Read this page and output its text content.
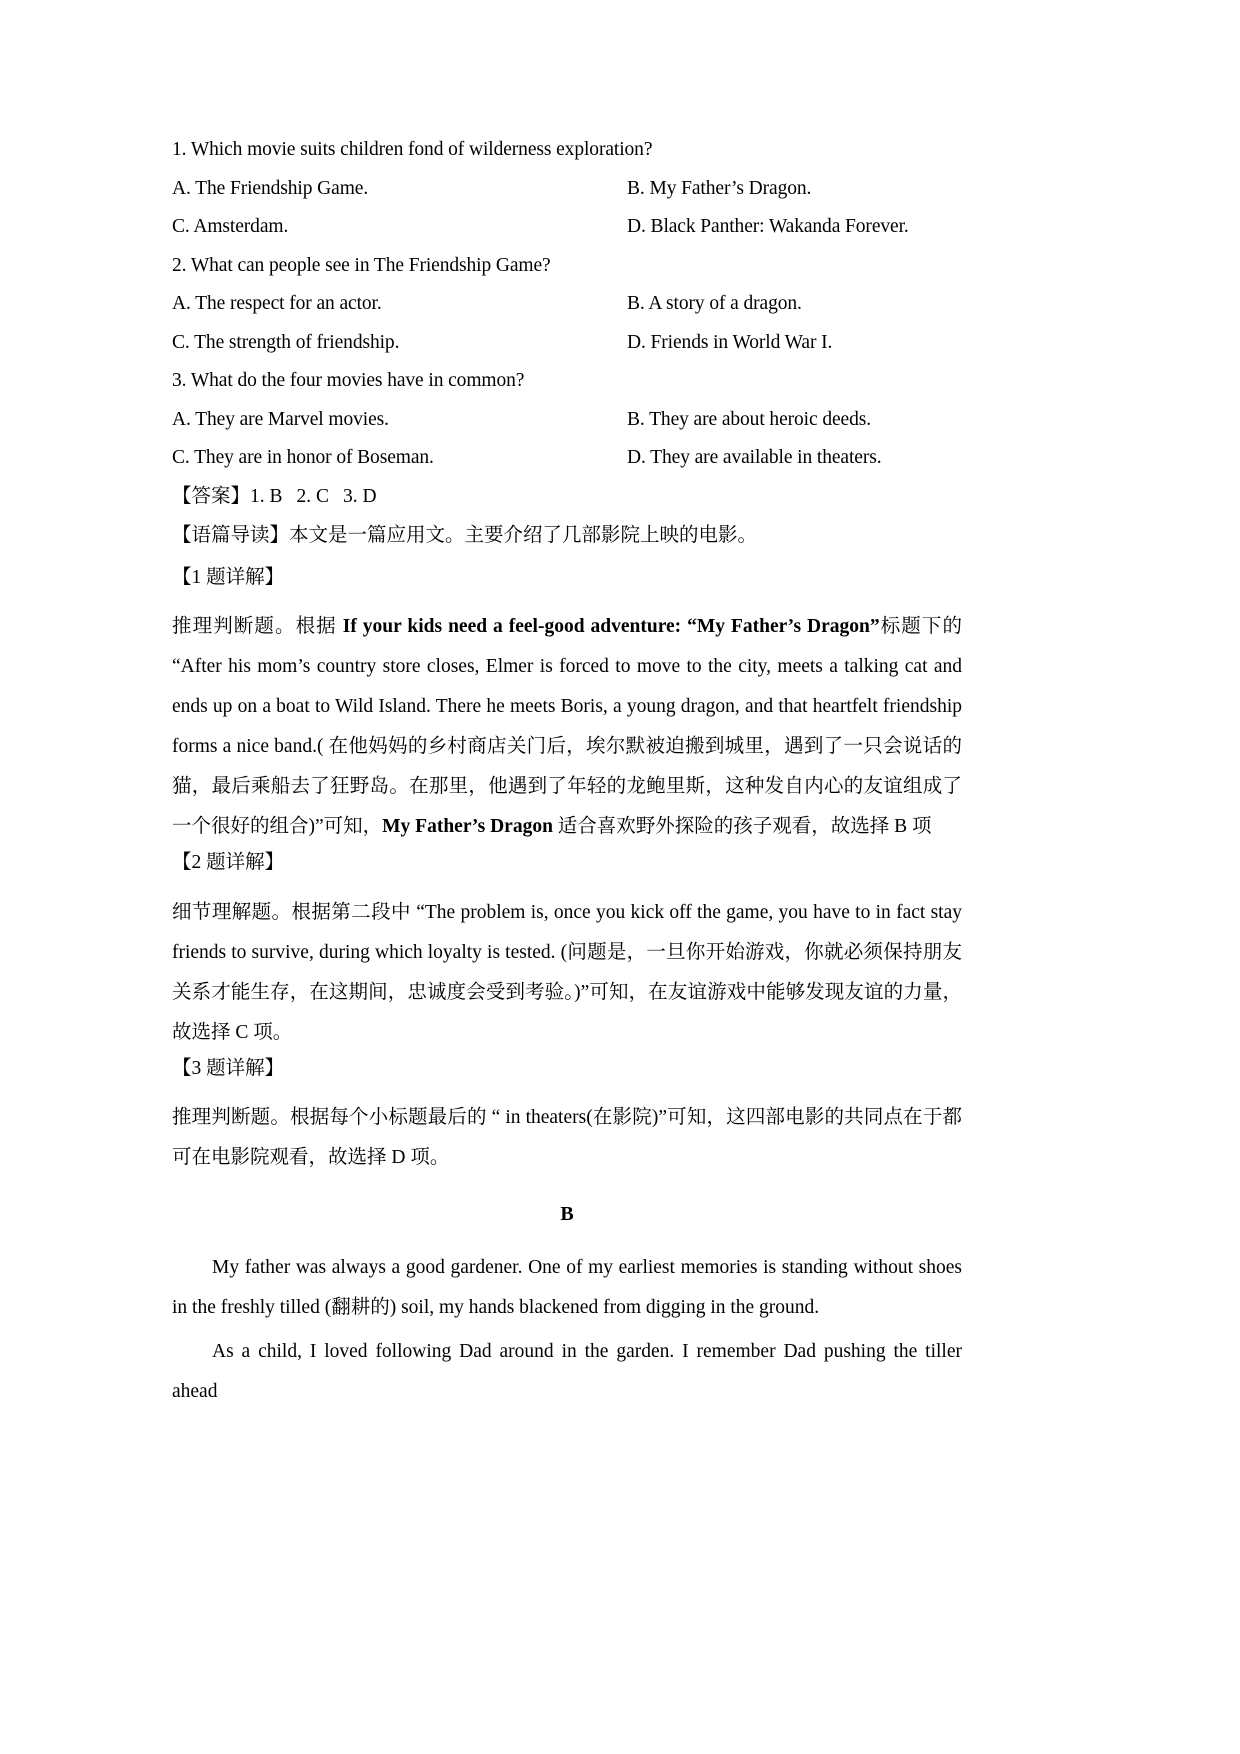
1. Which movie suits children fond of wilderness exploration?

A. The Friendship Game.	B. My Father’s Dragon.
C. Amsterdam.	D. Black Panther: Wakanda Forever.

2. What can people see in The Friendship Game?

A. The respect for an actor.	B. A story of a dragon.
C. The strength of friendship.	D. Friends in World War I.

3. What do the four movies have in common?

A. They are Marvel movies.	B. They are about heroic deeds.
C. They are in honor of Boseman.	D. They are available in theaters.

【答案】1. B 2. C 3. D

【语篇导读】本文是一篇应用文。主要介绍了几部影院上映的电影。

【1 题详解】

推理判断题。根据 If your kids need a feel-good adventure: “My Father’s Dragon”标题下的 “After his mom’s country store closes, Elmer is forced to move to the city, meets a talking cat and ends up on a boat to Wild Island. There he meets Boris, a young dragon, and that heartfelt friendship forms a nice band.( 在他妈妈的乡村商店关门后，埃尔默被迫搬到城里，遇到了一只会说话的猫，最后乘船去了狂野岛。在那里，他遇到了年轻的龙鲍里斯，这种发自内心的友谊组成了一个很好的组合)”可知，My Father’s Dragon 适合喜欢野外探险的孩子观看，故选择 B 项

【2 题详解】

细节理解题。根据第二段中 “The problem is, once you kick off the game, you have to in fact stay friends to survive, during which loyalty is tested. (问题是，一旦你开始游戏，你就必须保持朋友关系才能生存，在这期间，忠诚度会受到考验。)”可知，在友谊游戏中能够发现友谊的力量，故选择 C 项。

【3 题详解】

推理判断题。根据每个小标题最后的 “ in theaters(在影院)”可知，这四部电影的共同点在于都可在电影院观看，故选择 D 项。

B

My father was always a good gardener. One of my earliest memories is standing without shoes in the freshly tilled (翻耕的) soil, my hands blackened from digging in the ground.

As a child, I loved following Dad around in the garden. I remember Dad pushing the tiller ahead
